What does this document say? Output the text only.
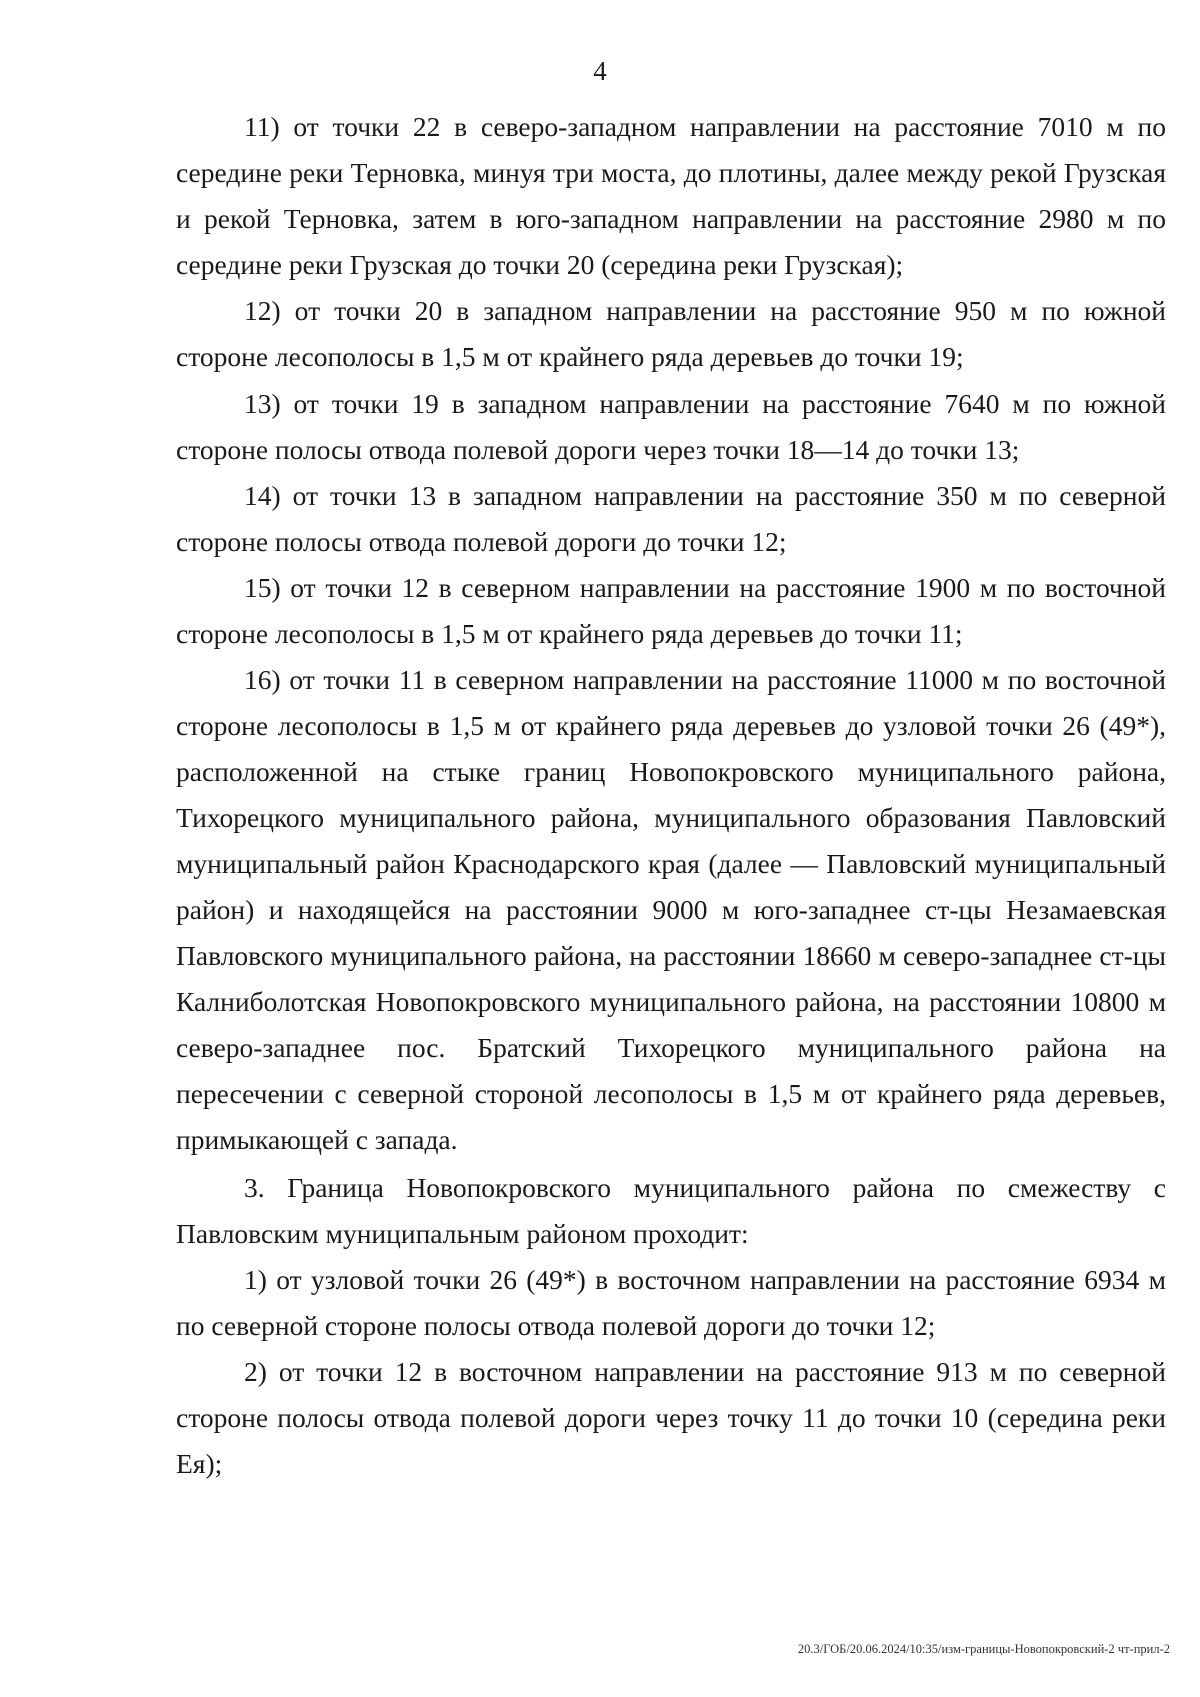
4

11) от точки 22 в северо-западном направлении на расстояние 7010 м по середине реки Терновка, минуя три моста, до плотины, далее между рекой Грузская и рекой Терновка, затем в юго-западном направлении на расстояние 2980 м по середине реки Грузская до точки 20 (середина реки Грузская);

12) от точки 20 в западном направлении на расстояние 950 м по южной стороне лесополосы в 1,5 м от крайнего ряда деревьев до точки 19;

13) от точки 19 в западном направлении на расстояние 7640 м по южной стороне полосы отвода полевой дороги через точки 18—14 до точки 13;

14) от точки 13 в западном направлении на расстояние 350 м по северной стороне полосы отвода полевой дороги до точки 12;

15) от точки 12 в северном направлении на расстояние 1900 м по восточной стороне лесополосы в 1,5 м от крайнего ряда деревьев до точки 11;

16) от точки 11 в северном направлении на расстояние 11000 м по восточной стороне лесополосы в 1,5 м от крайнего ряда деревьев до узловой точки 26 (49*), расположенной на стыке границ Новопокровского муниципального района, Тихорецкого муниципального района, муниципального образования Павловский муниципальный район Краснодарского края (далее — Павловский муниципальный район) и находящейся на расстоянии 9000 м юго-западнее ст-цы Незамаевская Павловского муниципального района, на расстоянии 18660 м северо-западнее ст-цы Калниболотская Новопокровского муниципального района, на расстоянии 10800 м северо-западнее пос. Братский Тихорецкого муниципального района на пересечении с северной стороной лесополосы в 1,5 м от крайнего ряда деревьев, примыкающей с запада.

3. Граница Новопокровского муниципального района по смежеству с Павловским муниципальным районом проходит:

1) от узловой точки 26 (49*) в восточном направлении на расстояние 6934 м по северной стороне полосы отвода полевой дороги до точки 12;

2) от точки 12 в восточном направлении на расстояние 913 м по северной стороне полосы отвода полевой дороги через точку 11 до точки 10 (середина реки Ея);

20.3/ГОБ/20.06.2024/10:35/изм-границы-Новопокровский-2 чт-прил-2
